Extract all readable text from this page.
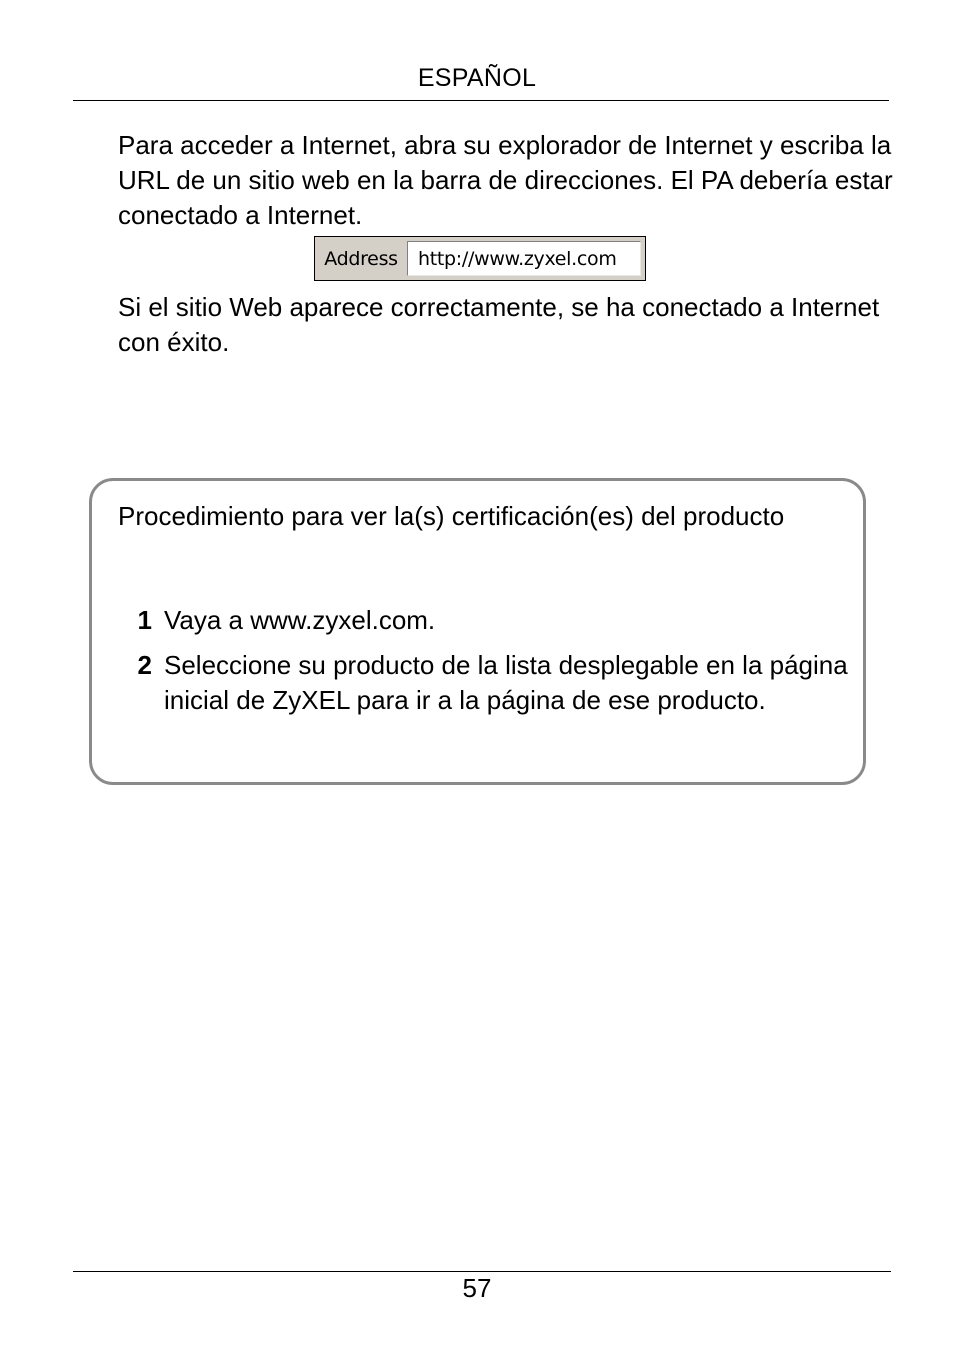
ESPAÑOL

Para acceder a Internet, abra su explorador de Internet y escriba la URL de un sitio web en la barra de direcciones. El PA debería estar conectado a Internet.

Address	http://www.zyxel.com

Si el sitio Web aparece correctamente, se ha conectado a Internet con éxito.

Procedimiento para ver la(s) certificación(es) del producto

1 Vaya a www.zyxel.com.
2 Seleccione su producto de la lista desplegable en la página inicial de ZyXEL para ir a la página de ese producto.
57
